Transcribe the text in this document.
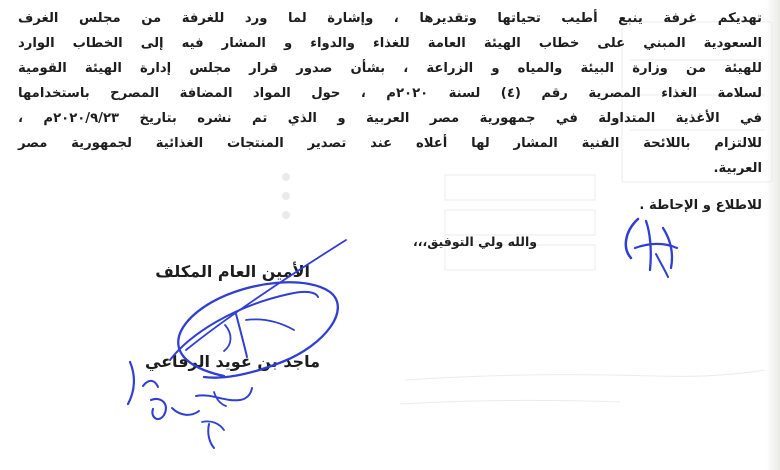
تهديكم غرفة ينبع أطيب تحياتها وتقديرها ، وإشارة لما ورد للغرفة من مجلس الغرف
السعودية المبني على خطاب الهيئة العامة للغذاء والدواء و المشار فيه إلى الخطاب الوارد
للهيئة من وزارة البيئة والمياه و الزراعة ، بشأن صدور قرار مجلس إدارة الهيئة القومية
لسلامة الغذاء المصرية رقم (٤) لسنة ٢٠٢٠م ، حول المواد المضافة المصرح باستخدامها
في الأغذية المتداولة في جمهورية مصر العربية و الذي تم نشره بتاريخ ٢٠٢٠/٩/٢٣م ،
للالتزام باللائحة الفنية المشار لها أعلاه عند تصدير المنتجات الغذائية لجمهورية مصر
العربية.
للاطلاع و الإحاطة .
والله ولي التوفيق،،،
الأمين العام المكلف
ماجد بن عويد الرفاعي
